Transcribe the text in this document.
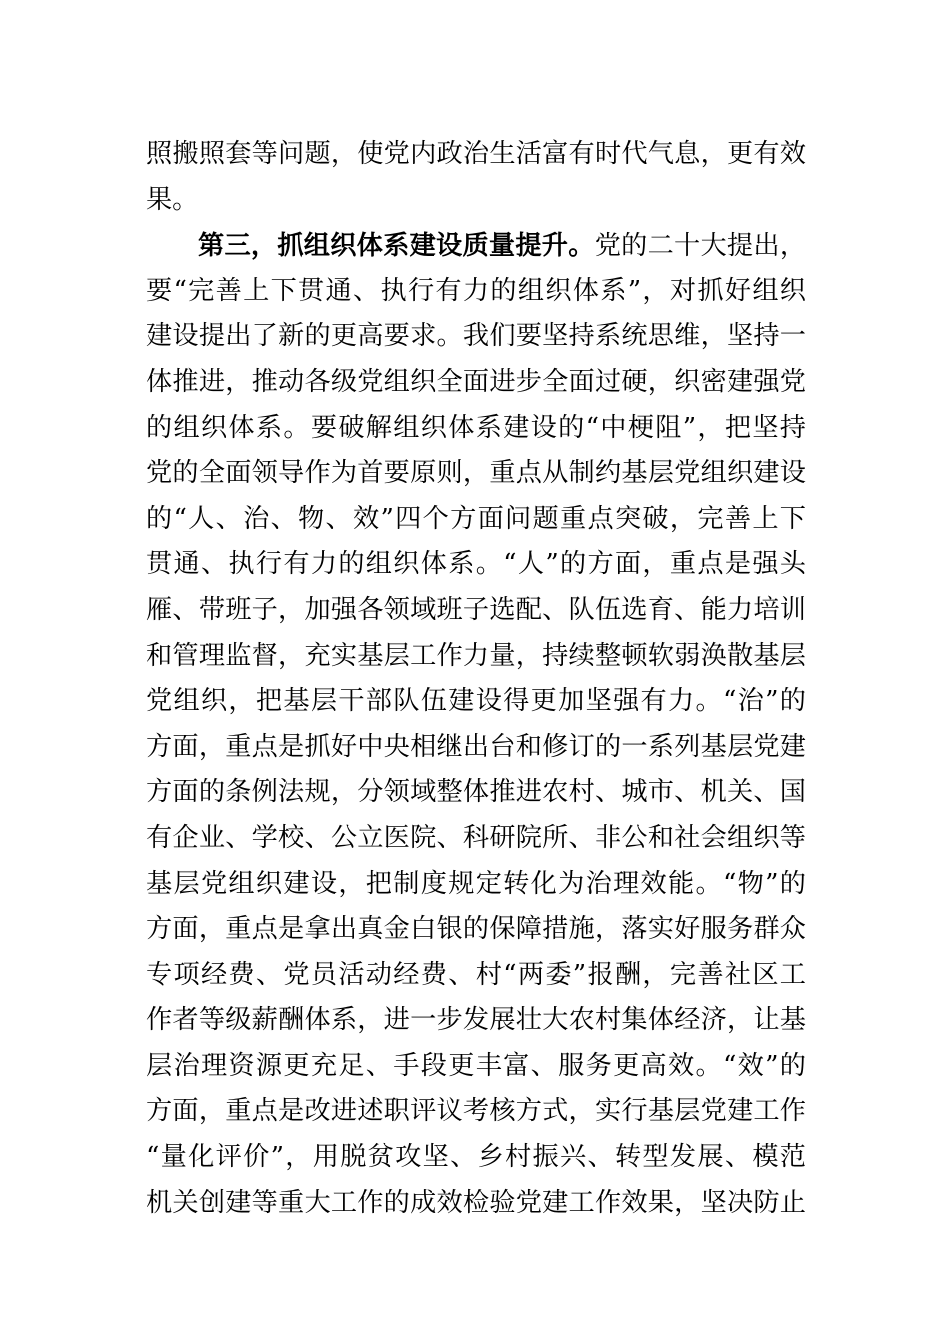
照搬照套等问题，使党内政治生活富有时代气息，更有效
果。
第三，抓组织体系建设质量提升。党的二十大提出，
要“完善上下贯通、执行有力的组织体系”，对抓好组织
建设提出了新的更高要求。我们要坚持系统思维，坚持一
体推进，推动各级党组织全面进步全面过硬，织密建强党
的组织体系。要破解组织体系建设的“中梗阻”，把坚持
党的全面领导作为首要原则，重点从制约基层党组织建设
的“人、治、物、效”四个方面问题重点突破，完善上下
贯通、执行有力的组织体系。“人”的方面，重点是强头
雁、带班子，加强各领域班子选配、队伍选育、能力培训
和管理监督，充实基层工作力量，持续整顿软弱涣散基层
党组织，把基层干部队伍建设得更加坚强有力。“治”的
方面，重点是抓好中央相继出台和修订的一系列基层党建
方面的条例法规，分领域整体推进农村、城市、机关、国
有企业、学校、公立医院、科研院所、非公和社会组织等
基层党组织建设，把制度规定转化为治理效能。“物”的
方面，重点是拿出真金白银的保障措施，落实好服务群众
专项经费、党员活动经费、村“两委”报酬，完善社区工
作者等级薪酬体系，进一步发展壮大农村集体经济，让基
层治理资源更充足、手段更丰富、服务更高效。“效”的
方面，重点是改进述职评议考核方式，实行基层党建工作
“量化评价”，用脱贫攻坚、乡村振兴、转型发展、模范
机关创建等重大工作的成效检验党建工作效果，坚决防止
